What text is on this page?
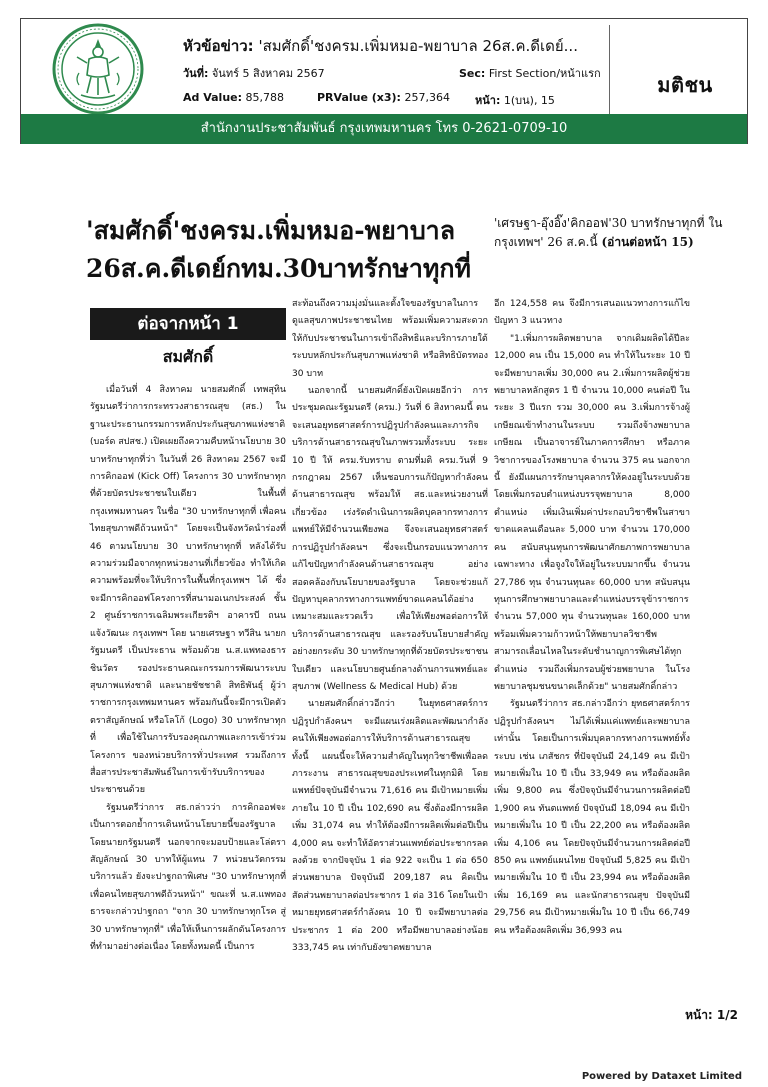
หัวข้อข่าว: 'สมศักดิ์'ชงครม.เพิ่มหมอ-พยาบาล 26ส.ค.ดีเดย์...
วันที่: จันทร์ 5 สิงหาคม 2567	Sec: First Section/หน้าแรก
Ad Value: 85,788	PRValue (x3): 257,364 หน้า: 1(บน), 15
มติชน
สำนักงานประชาสัมพันธ์ กรุงเทพมหานคร โทร 0-2621-0709-10
'สมศักดิ์'ชงครม.เพิ่มหมอ-พยาบาล
26ส.ค.ดีเดย์กทม.30บาทรักษาทุกที่
'เศรษฐา-อุ๊งอิ๊ง'คิกออฟ'30 บาทรักษาทุกที่ ในกรุงเทพฯ' 26 ส.ค.นี้ (อ่านต่อหน้า 15)
ต่อจากหน้า 1
สมศักดิ์

เมื่อวันที่ 4 สิงหาคม นายสมศักดิ์ เทพสุทิน รัฐมนตรีว่าการกระทรวงสาธารณสุข (สธ.) ในฐานะประธานกรรมการหลักประกันสุขภาพแห่งชาติ (บอร์ด สปสช.) เปิดเผยถึงความคืบหน้านโยบาย 30 บาทรักษาทุกที่ว่า ในวันที่ 26 สิงหาคม 2567 จะมีการคิกออฟ (Kick Off) โครงการ 30 บาทรักษาทุกที่ด้วยบัตรประชาชนใบเดียว ในพื้นที่กรุงเทพมหานคร ในชื่อ "30 บาทรักษาทุกที่ เพื่อคนไทยสุขภาพดีถ้วนหน้า" โดยจะเป็นจังหวัดนำร่องที่ 46 ตามนโยบาย 30 บาทรักษาทุกที่ หลังได้รับความร่วมมือจากทุกหน่วยงานที่เกี่ยวข้อง ทำให้เกิดความพร้อมที่จะให้บริการในพื้นที่กรุงเทพฯ ได้ ซึ่งจะมีการคิกออฟโครงการที่สนามอเนกประสงค์ ชั้น 2 ศูนย์ราชการเฉลิมพระเกียรติฯ อาคารบี ถนนแจ้งวัฒนะ กรุงเทพฯ โดย นายเศรษฐา ทวีสิน นายกรัฐมนตรี เป็นประธาน พร้อมด้วย น.ส.แพทองธาร ชินวัตร รองประธานคณะกรรมการพัฒนาระบบสุขภาพแห่งชาติ และนายชัชชาติ สิทธิพันธุ์ ผู้ว่าราชการกรุงเทพมหานคร พร้อมกันนี้จะมีการเปิดตัวตราสัญลักษณ์ หรือโลโก้ (Logo) 30 บาทรักษาทุกที่ เพื่อใช้ในการรับรองคุณภาพและการเข้าร่วมโครงการ ของหน่วยบริการทั่วประเทศ รวมถึงการสื่อสารประชาสัมพันธ์ในการเข้ารับบริการของประชาชนด้วย

รัฐมนตรีว่าการ สธ.กล่าวว่า การคิกออฟจะเป็นการตอกย้ำการเดินหน้านโยบายนี้ของรัฐบาล โดยนายกรัฐมนตรี นอกจากจะมอบป้ายและโล่ตราสัญลักษณ์ 30 บาทให้ผู้แทน 7 หน่วยนวัตกรรมบริการแล้ว ยังจะปาฐกถาพิเศษ "30 บาทรักษาทุกที่ เพื่อคนไทยสุขภาพดีถ้วนหน้า" ขณะที่ น.ส.แพทองธารจะกล่าวปาฐกถา "จาก 30 บาทรักษาทุกโรค สู่ 30 บาทรักษาทุกที่" เพื่อให้เห็นการผลักดันโครงการที่ทำมาอย่างต่อเนื่อง โดยทั้งหมดนี้ เป็นการ

สะท้อนถึงความมุ่งมั่นและตั้งใจของรัฐบาลในการดูแลสุขภาพประชาชนไทย พร้อมเพิ่มความสะดวกให้กับประชาชนในการเข้าถึงสิทธิและบริการภายใต้ระบบหลักประกันสุขภาพแห่งชาติ หรือสิทธิบัตรทอง 30 บาท

นอกจากนี้ นายสมศักดิ์ยังเปิดเผยอีกว่า การประชุมคณะรัฐมนตรี (ครม.) วันที่ 6 สิงหาคมนี้ ตนจะเสนอยุทธศาสตร์การปฏิรูปกำลังคนและภารกิจบริการด้านสาธารณสุขในภาพรวมทั้งระบบ ระยะ 10 ปี ให้ ครม.รับทราบ ตามที่มติ ครม.วันที่ 9 กรกฎาคม 2567 เห็นชอบการแก้ปัญหากำลังคนด้านสาธารณสุข พร้อมให้ สธ.และหน่วยงานที่เกี่ยวข้อง เร่งรัดดำเนินการผลิตบุคลากรทางการแพทย์ให้มีจำนวนเพียงพอ จึงจะเสนอยุทธศาสตร์การปฏิรูปกำลังคนฯ ซึ่งจะเป็นกรอบแนวทางการแก้ไขปัญหากำลังคนด้านสาธารณสุข อย่างสอดคล้องกับนโยบายของรัฐบาล โดยจะช่วยแก้ปัญหาบุคลากรทางการแพทย์ขาดแคลนได้อย่างเหมาะสมและรวดเร็ว เพื่อให้เพียงพอต่อการให้บริการด้านสาธารณสุข และรองรับนโยบายสำคัญ อย่างยกระดับ 30 บาทรักษาทุกที่ด้วยบัตรประชาชนใบเดียว และนโยบายศูนย์กลางด้านการแพทย์และสุขภาพ (Wellness & Medical Hub) ด้วย

นายสมศักดิ์กล่าวอีกว่า ในยุทธศาสตร์การปฏิรูปกำลังคนฯ จะมีแผนเร่งผลิตและพัฒนากำลังคนให้เพียงพอต่อการให้บริการด้านสาธารณสุข ทั้งนี้ แผนนี้จะให้ความสำคัญในทุกวิชาชีพเพื่อลดภาระงาน สาธารณสุขของประเทศในทุกมิติ โดยแพทย์ปัจจุบันมีจำนวน 71,616 คน มีเป้าหมายเพิ่มภายใน 10 ปี เป็น 102,690 คน ซึ่งต้องมีการผลิตเพิ่ม 31,074 คน ทำให้ต้องมีการผลิตเพิ่มต่อปีเป็น 4,000 คน จะทำให้อัตราส่วนแพทย์ต่อประชากรลดลงด้วย จากปัจจุบัน 1 ต่อ 922 จะเป็น 1 ต่อ 650 ส่วนพยาบาล ปัจจุบันมี 209,187 คน คิดเป็นสัดส่วนพยาบาลต่อประชากร 1 ต่อ 316 โดยในเป้าหมายยุทธศาสตร์กำลังคน 10 ปี จะมีพยาบาลต่อประชากร 1 ต่อ 200 หรือมีพยาบาลอย่างน้อย 333,745 คน เท่ากับยังขาดพยาบาล

อีก 124,558 คน จึงมีการเสนอแนวทางการแก้ไขปัญหา 3 แนวทาง

"1.เพิ่มการผลิตพยาบาล จากเดิมผลิตได้ปีละ 12,000 คน เป็น 15,000 คน ทำให้ในระยะ 10 ปี จะมีพยาบาลเพิ่ม 30,000 คน 2.เพิ่มการผลิตผู้ช่วยพยาบาลหลักสูตร 1 ปี จำนวน 10,000 คนต่อปี ในระยะ 3 ปีแรก รวม 30,000 คน 3.เพิ่มการจ้างผู้เกษียณเข้าทำงานในระบบ รวมถึงจ้างพยาบาลเกษียณ เป็นอาจารย์ในภาคการศึกษา หรือภาควิชาการของโรงพยาบาล จำนวน 375 คน นอกจากนี้ ยังมีแผนการรักษาบุคลากรให้คงอยู่ในระบบด้วย โดยเพิ่มกรอบตำแหน่งบรรจุพยาบาล 8,000 ตำแหน่ง เพิ่มเงินเพิ่มค่าประกอบวิชาชีพในสาขาขาดแคลนเดือนละ 5,000 บาท จำนวน 170,000 คน สนับสนุนทุนการพัฒนาศักยภาพการพยาบาลเฉพาะทาง เพื่อจูงใจให้อยู่ในระบบมากขึ้น จำนวน 27,786 ทุน จำนวนทุนละ 60,000 บาท สนับสนุนทุนการศึกษาพยาบาลและตำแหน่งบรรจุข้าราชการ จำนวน 57,000 ทุน จำนวนทุนละ 160,000 บาท พร้อมเพิ่มความก้าวหน้าให้พยาบาลวิชาชีพ สามารถเลื่อนไหลในระดับชำนาญการพิเศษได้ทุกตำแหน่ง รวมถึงเพิ่มกรอบผู้ช่วยพยาบาล ในโรงพยาบาลชุมชนขนาดเล็กด้วย" นายสมศักดิ์กล่าว

รัฐมนตรีว่าการ สธ.กล่าวอีกว่า ยุทธศาสตร์การปฏิรูปกำลังคนฯ ไม่ได้เพิ่มแค่แพทย์และพยาบาลเท่านั้น โดยเป็นการเพิ่มบุคลากรทางการแพทย์ทั้งระบบ เช่น เภสัชกร ที่ปัจจุบันมี 24,149 คน มีเป้าหมายเพิ่มใน 10 ปี เป็น 33,949 คน หรือต้องผลิตเพิ่ม 9,800 คน ซึ่งปัจจุบันมีจำนวนการผลิตต่อปี 1,900 คน ทันตแพทย์ ปัจจุบันมี 18,094 คน มีเป้าหมายเพิ่มใน 10 ปี เป็น 22,200 คน หรือต้องผลิตเพิ่ม 4,106 คน โดยปัจจุบันมีจำนวนการผลิตต่อปี 850 คน แพทย์แผนไทย ปัจจุบันมี 5,825 คน มีเป้าหมายเพิ่มใน 10 ปี เป็น 23,994 คน หรือต้องผลิตเพิ่ม 16,169 คน และนักสาธารณสุข ปัจจุบันมี 29,756 คน มีเป้าหมายเพิ่มใน 10 ปี เป็น 66,749 คน หรือต้องผลิตเพิ่ม 36,993 คน

หน้า: 1/2
Powered by Dataxet Limited
